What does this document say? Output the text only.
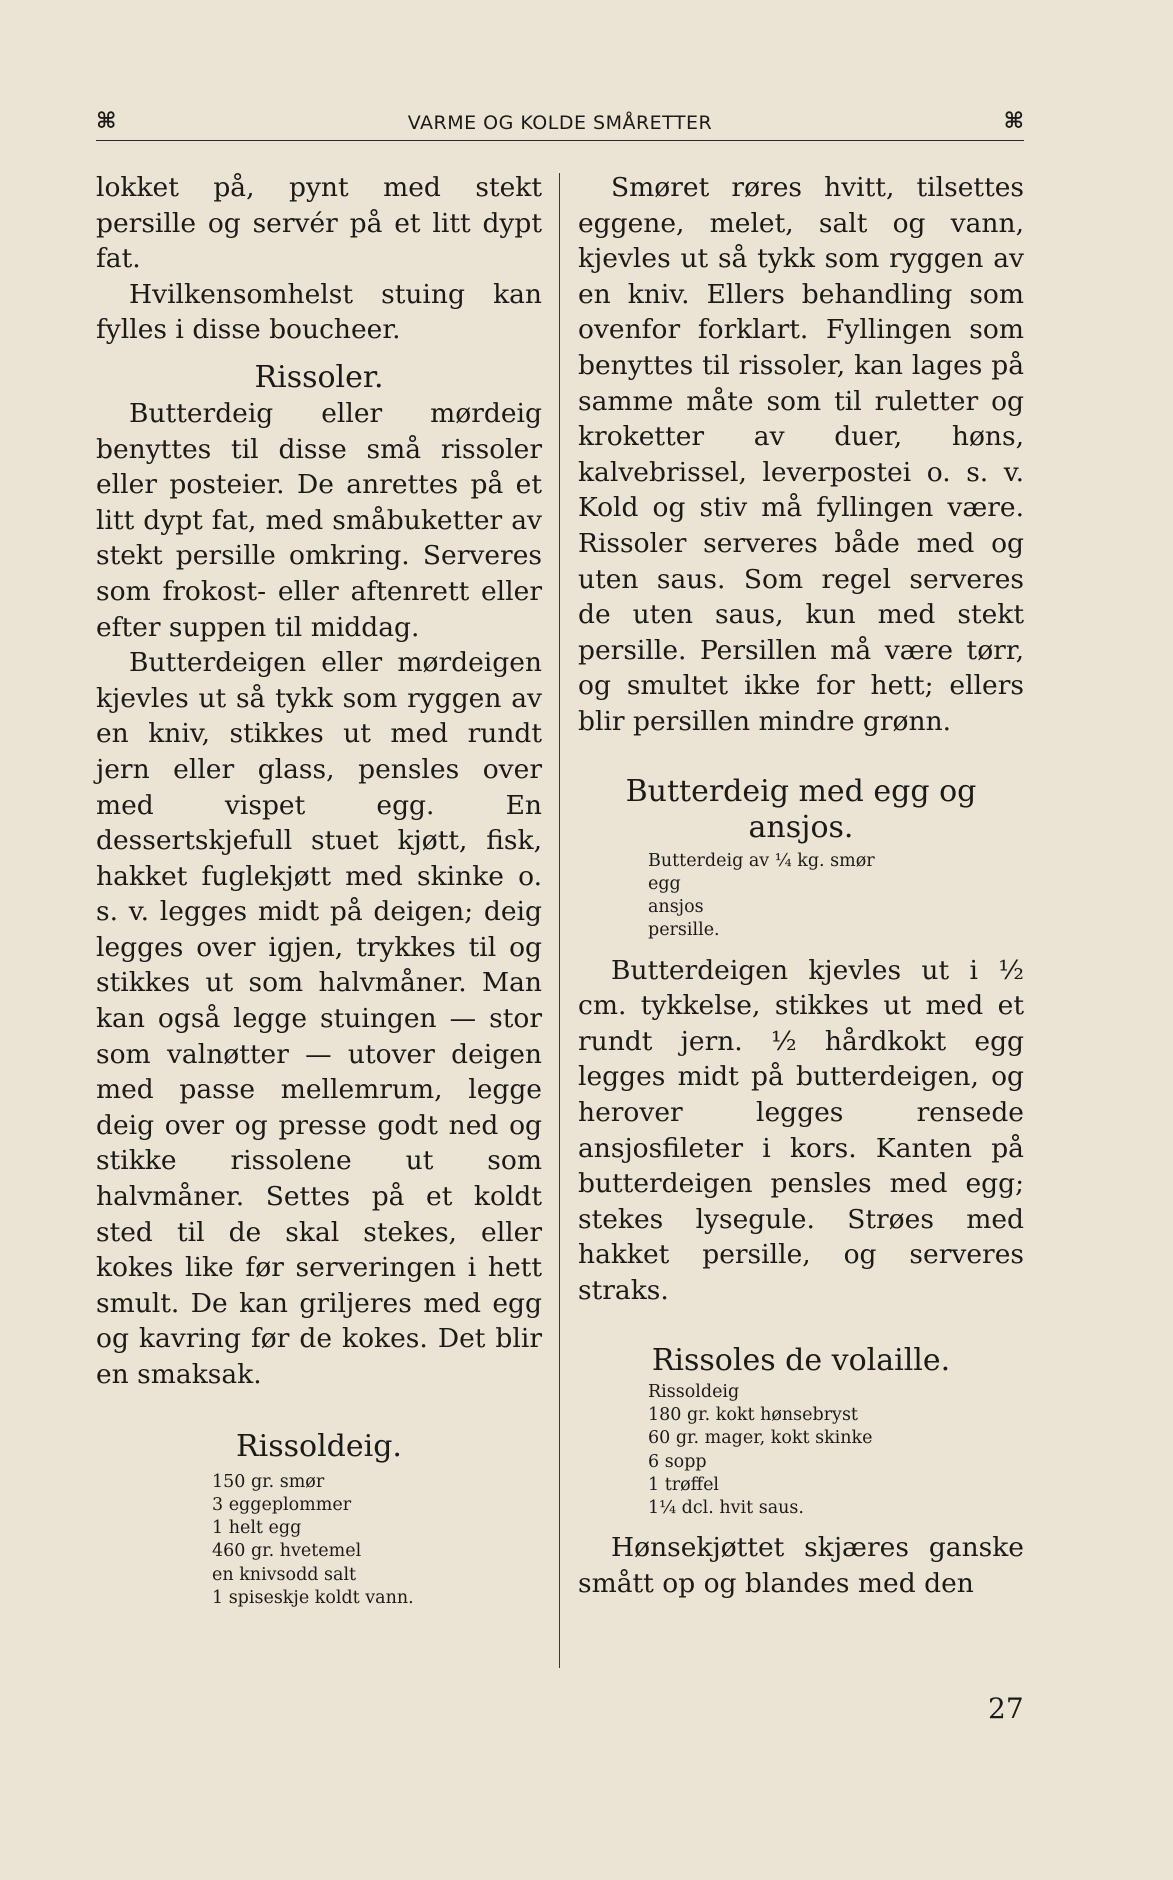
⌘	VARME OG KOLDE SMÅRETTER	⌘

lokket på, pynt med stekt persille og servér på et litt dypt fat.

Hvilkensomhelst stuing kan fylles i disse boucheer.

Rissoler.

Butterdeig eller mørdeig benyttes til disse små rissoler eller posteier. De anrettes på et litt dypt fat, med småbuketter av stekt persille omkring. Serveres som frokost- eller aftenrett eller efter suppen til middag.

Butterdeigen eller mørdeigen kjevles ut så tykk som ryggen av en kniv, stikkes ut med rundt jern eller glass, pensles over med vispet egg. En dessertskjefull stuet kjøtt, fisk, hakket fuglekjøtt med skinke o. s. v. legges midt på deigen; deig legges over igjen, trykkes til og stikkes ut som halvmåner. Man kan også legge stuingen — stor som valnøtter — utover deigen med passe mellemrum, legge deig over og presse godt ned og stikke rissolene ut som halvmåner. Settes på et koldt sted til de skal stekes, eller kokes like før serveringen i hett smult. De kan griljeres med egg og kavring før de kokes. Det blir en smaksak.

Rissoldeig.
150 gr. smør
3 eggeplommer
1 helt egg
460 gr. hvetemel
en knivsodd salt
1 spiseskje koldt vann.

Smøret røres hvitt, tilsettes eggene, melet, salt og vann, kjevles ut så tykk som ryggen av en kniv. Ellers behandling som ovenfor forklart. Fyllingen som benyttes til rissoler, kan lages på samme måte som til ruletter og kroketter av duer, høns, kalvebrissel, leverpostei o. s. v. Kold og stiv må fyllingen være. Rissoler serveres både med og uten saus. Som regel serveres de uten saus, kun med stekt persille. Persillen må være tørr, og smultet ikke for hett; ellers blir persillen mindre grønn.

Butterdeig med egg og ansjos.
Butterdeig av ¼ kg. smør
egg
ansjos
persille.

Butterdeigen kjevles ut i ½ cm. tykkelse, stikkes ut med et rundt jern. ½ hårdkokt egg legges midt på butterdeigen, og herover legges rensede ansjosfileter i kors. Kanten på butterdeigen pensles med egg; stekes lysegule. Strøes med hakket persille, og serveres straks.

Rissoles de volaille.
Rissoldeig
180 gr. kokt hønsebryst
60 gr. mager, kokt skinke
6 sopp
1 trøffel
1¼ dcl. hvit saus.

Hønsekjøttet skjæres ganske smått op og blandes med den

27
